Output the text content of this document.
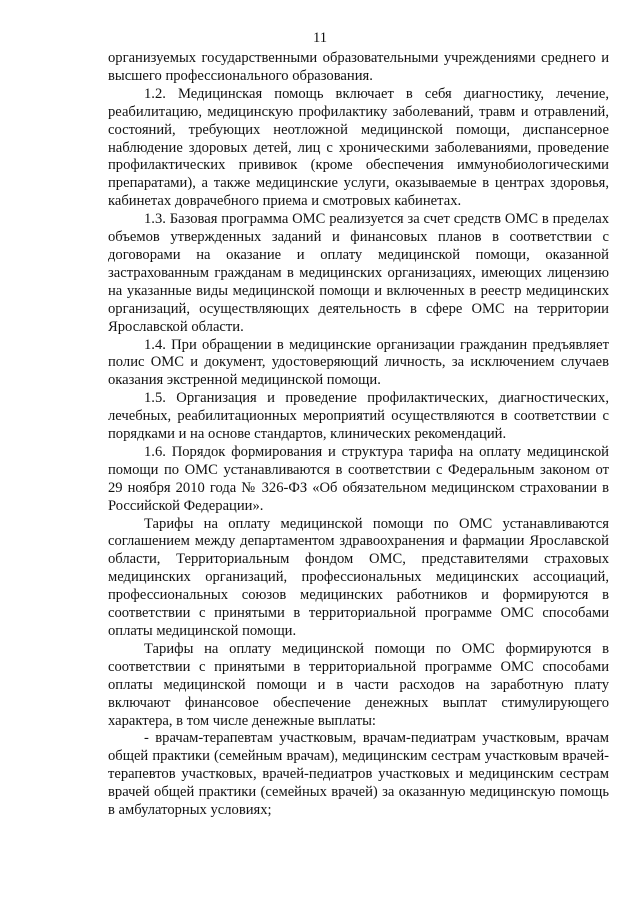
11

организуемых государственными образовательными учреждениями среднего и высшего профессионального образования.

1.2. Медицинская помощь включает в себя диагностику, лечение, реабилитацию, медицинскую профилактику заболеваний, травм и отравлений, состояний, требующих неотложной медицинской помощи, диспансерное наблюдение здоровых детей, лиц с хроническими заболеваниями, проведение профилактических прививок (кроме обеспечения иммунобиологическими препаратами), а также медицинские услуги, оказываемые в центрах здоровья, кабинетах доврачебного приема и смотровых кабинетах.

1.3. Базовая программа ОМС реализуется за счет средств ОМС в пределах объемов утвержденных заданий и финансовых планов в соответствии с договорами на оказание и оплату медицинской помощи, оказанной застрахованным гражданам в медицинских организациях, имеющих лицензию на указанные виды медицинской помощи и включенных в реестр медицинских организаций, осуществляющих деятельность в сфере ОМС на территории Ярославской области.

1.4. При обращении в медицинские организации гражданин предъявляет полис ОМС и документ, удостоверяющий личность, за исключением случаев оказания экстренной медицинской помощи.

1.5. Организация и проведение профилактических, диагностических, лечебных, реабилитационных мероприятий осуществляются в соответствии с порядками и на основе стандартов, клинических рекомендаций.

1.6. Порядок формирования и структура тарифа на оплату медицинской помощи по ОМС устанавливаются в соответствии с Федеральным законом от 29 ноября 2010 года № 326-ФЗ «Об обязательном медицинском страховании в Российской Федерации».

Тарифы на оплату медицинской помощи по ОМС устанавливаются соглашением между департаментом здравоохранения и фармации Ярославской области, Территориальным фондом ОМС, представителями страховых медицинских организаций, профессиональных медицинских ассоциаций, профессиональных союзов медицинских работников и формируются в соответствии с принятыми в территориальной программе ОМС способами оплаты медицинской помощи.

Тарифы на оплату медицинской помощи по ОМС формируются в соответствии с принятыми в территориальной программе ОМС способами оплаты медицинской помощи и в части расходов на заработную плату включают финансовое обеспечение денежных выплат стимулирующего характера, в том числе денежные выплаты:

- врачам-терапевтам участковым, врачам-педиатрам участковым, врачам общей практики (семейным врачам), медицинским сестрам участковым врачей-терапевтов участковых, врачей-педиатров участковых и медицинским сестрам врачей общей практики (семейных врачей) за оказанную медицинскую помощь в амбулаторных условиях;
